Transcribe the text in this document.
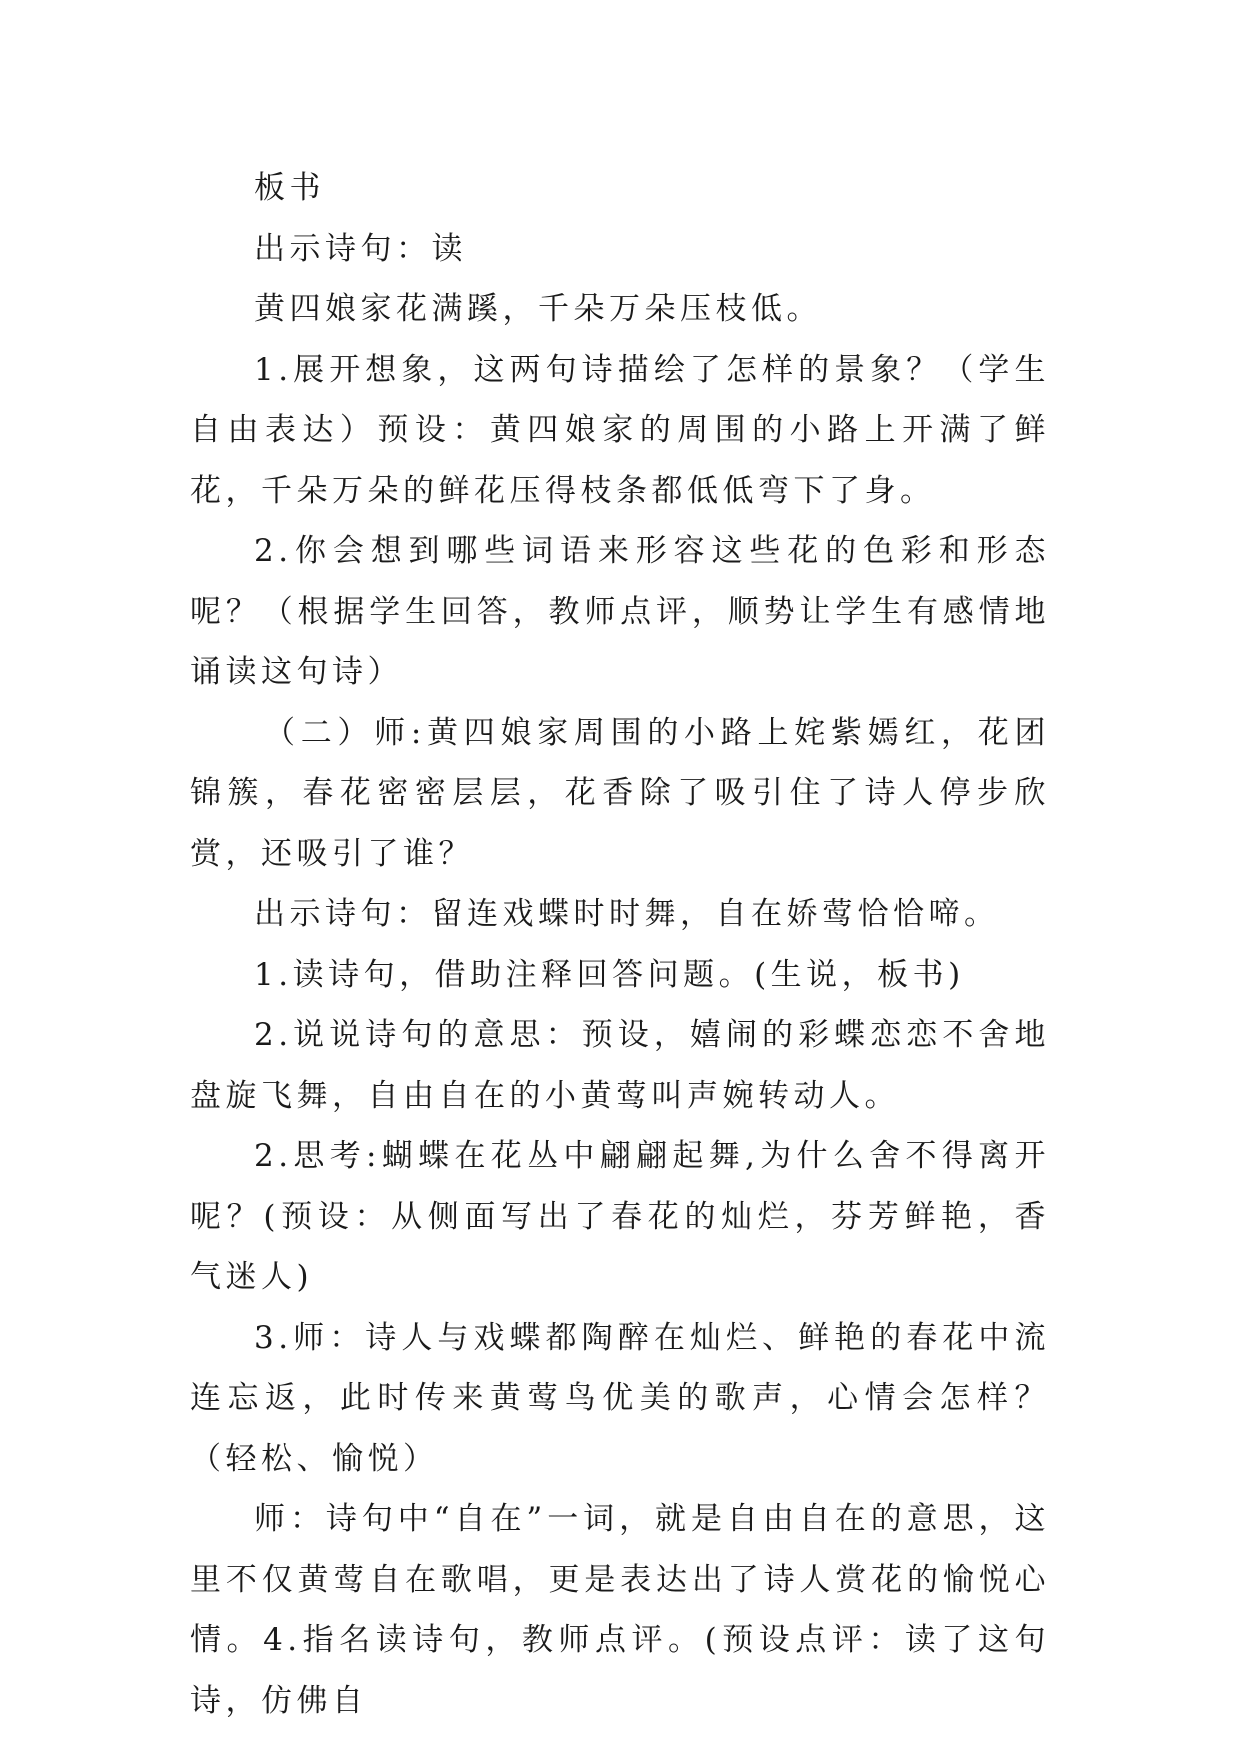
板书

出示诗句：读

黄四娘家花满蹊，千朵万朵压枝低。

1.展开想象，这两句诗描绘了怎样的景象？（学生自由表达）预设：黄四娘家的周围的小路上开满了鲜花，千朵万朵的鲜花压得枝条都低低弯下了身。

2.你会想到哪些词语来形容这些花的色彩和形态呢？（根据学生回答，教师点评，顺势让学生有感情地诵读这句诗）

（二）师:黄四娘家周围的小路上姹紫嫣红，花团锦簇，春花密密层层，花香除了吸引住了诗人停步欣赏，还吸引了谁？

出示诗句：留连戏蝶时时舞，自在娇莺恰恰啼。

1.读诗句，借助注释回答问题。(生说，板书)

2.说说诗句的意思：预设，嬉闹的彩蝶恋恋不舍地盘旋飞舞，自由自在的小黄莺叫声婉转动人。

2.思考:蝴蝶在花丛中翩翩起舞,为什么舍不得离开呢？(预设：从侧面写出了春花的灿烂，芬芳鲜艳，香气迷人)

3.师：诗人与戏蝶都陶醉在灿烂、鲜艳的春花中流连忘返，此时传来黄莺鸟优美的歌声，心情会怎样？（轻松、愉悦）

师：诗句中“自在”一词，就是自由自在的意思，这里不仅黄莺自在歌唱，更是表达出了诗人赏花的愉悦心情。4.指名读诗句，教师点评。(预设点评：读了这句诗，仿佛自
